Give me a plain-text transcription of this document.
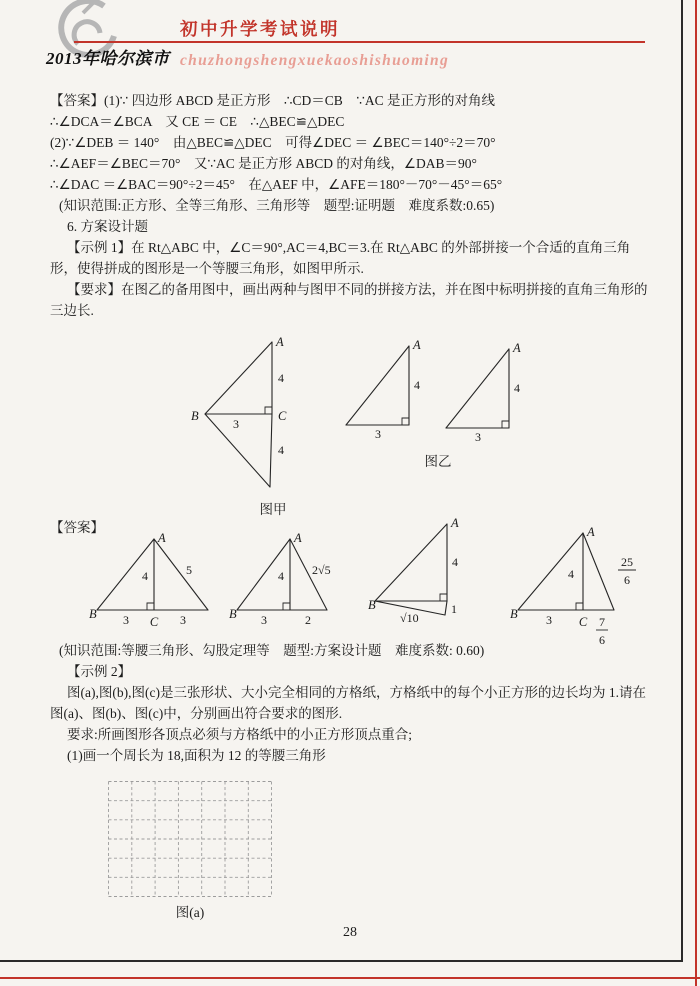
初中升学考试说明
2013年哈尔滨市 chuzhongshengxuekaoshishuoming

【答案】(1)∵ 四边形 ABCD 是正方形　∴CD＝CB　∵AC 是正方形的对角线

∴∠DCA＝∠BCA　又 CE ＝ CE　∴△BEC≌△DEC

(2)∵∠DEB ＝ 140°　由△BEC≌△DEC　可得∠DEC ＝ ∠BEC＝140°÷2＝70°

∴∠AEF＝∠BEC＝70°　又∵AC 是正方形 ABCD 的对角线，∠DAB＝90°

∴∠DAC ＝∠BAC＝90°÷2＝45°　在△AEF 中，∠AFE＝180°－70°－45°＝65°

(知识范围:正方形、全等三角形、三角形等　题型:证明题　难度系数:0.65)

6. 方案设计题

【示例 1】在 Rt△ABC 中，∠C＝90°,AC＝4,BC＝3.在 Rt△ABC 的外部拼接一个合适的直角三角形，使得拼成的图形是一个等腰三角形，如图甲所示.

【要求】在图乙的备用图中，画出两种与图甲不同的拼接方法，并在图中标明拼接的直角三角形的三边长.

A
4
B
3
C
4
图甲
A
4
3
A
4
3
图乙

【答案】

A
4	5
B 3 C 3
A
4 2√5
B 3	2
A
4
B
√10
1
A
4
25
6
B 3 C 7
6

(知识范围:等腰三角形、勾股定理等　题型:方案设计题　难度系数: 0.60)

【示例 2】

图(a),图(b),图(c)是三张形状、大小完全相同的方格纸，方格纸中的每个小正方形的边长均为 1.请在图(a)、图(b)、图(c)中，分别画出符合要求的图形.

要求:所画图形各顶点必须与方格纸中的小正方形顶点重合;

(1)画一个周长为 18,面积为 12 的等腰三角形

图(a)
28
